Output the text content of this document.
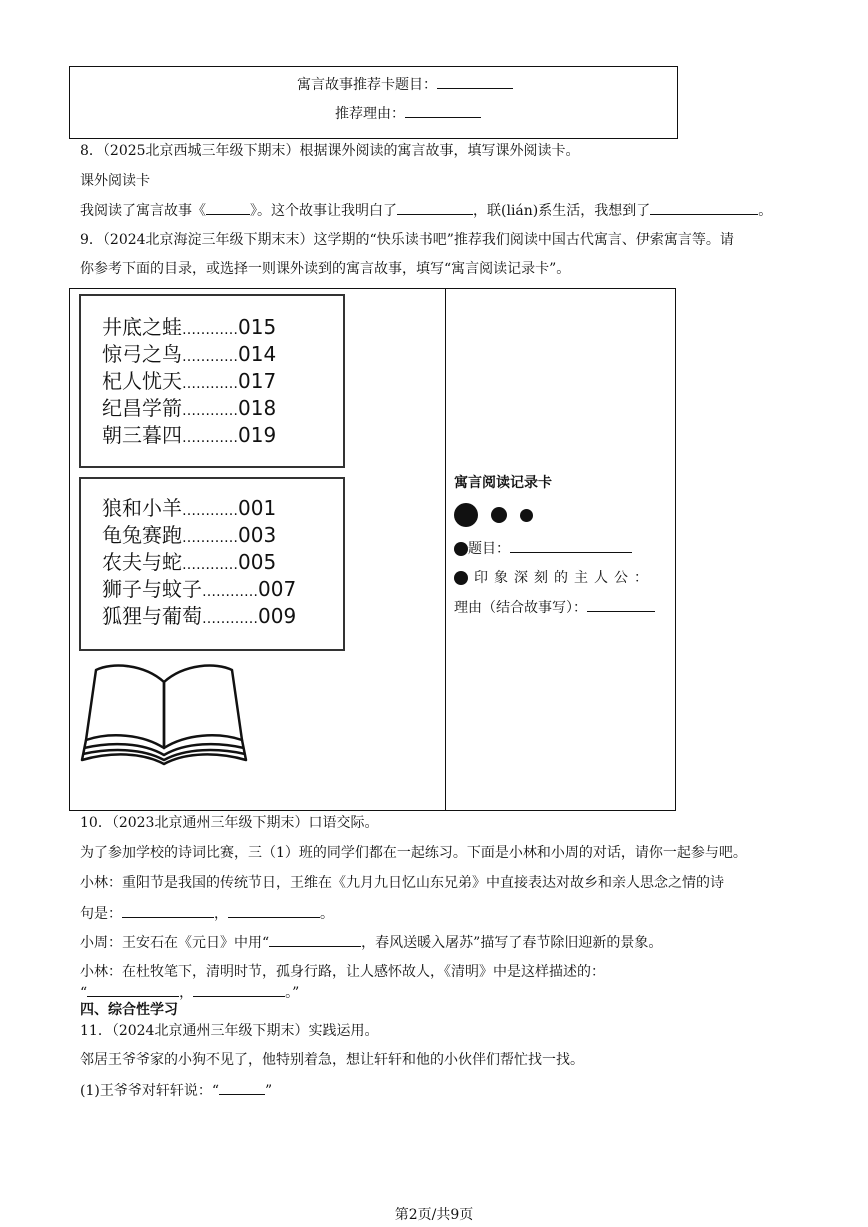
寓言故事推荐卡题目：
推荐理由：
8．（2025北京西城三年级下期末）根据课外阅读的寓言故事，填写课外阅读卡。
课外阅读卡
我阅读了寓言故事《	》。这个故事让我明白了	，联(lián)系生活，我想到了	。
9．（2024北京海淀三年级下期末末）这学期的“快乐读书吧”推荐我们阅读中国古代寓言、伊索寓言等。请
你参考下面的目录，或选择一则课外读到的寓言故事，填写“寓言阅读记录卡”。
井底之蛙…………015
惊弓之鸟…………014
杞人忧天…………017
纪昌学箭…………018
朝三暮四…………019
狼和小羊…………001
龟兔赛跑…………003
农夫与蛇…………005
狮子与蚊子…………007
狐狸与葡萄…………009
寓言阅读记录卡

题目：
印象深刻的主人公：
理由（结合故事写）：
10．（2023北京通州三年级下期末）口语交际。
为了参加学校的诗词比赛，三（1）班的同学们都在一起练习。下面是小林和小周的对话，请你一起参与吧。
小林：重阳节是我国的传统节日，王维在《九月九日忆山东兄弟》中直接表达对故乡和亲人思念之情的诗
句是：	，	。
小周：王安石在《元日》中用“	，春风送暖入屠苏”描写了春节除旧迎新的景象。
小林：在杜牧笔下，清明时节，孤身行路，让人感怀故人，《清明》中是这样描述的：
“	，	。”
四、综合性学习
11．（2024北京通州三年级下期末）实践运用。
邻居王爷爷家的小狗不见了，他特别着急，想让轩轩和他的小伙伴们帮忙找一找。
(1)王爷爷对轩轩说：“	”
第2页/共9页
